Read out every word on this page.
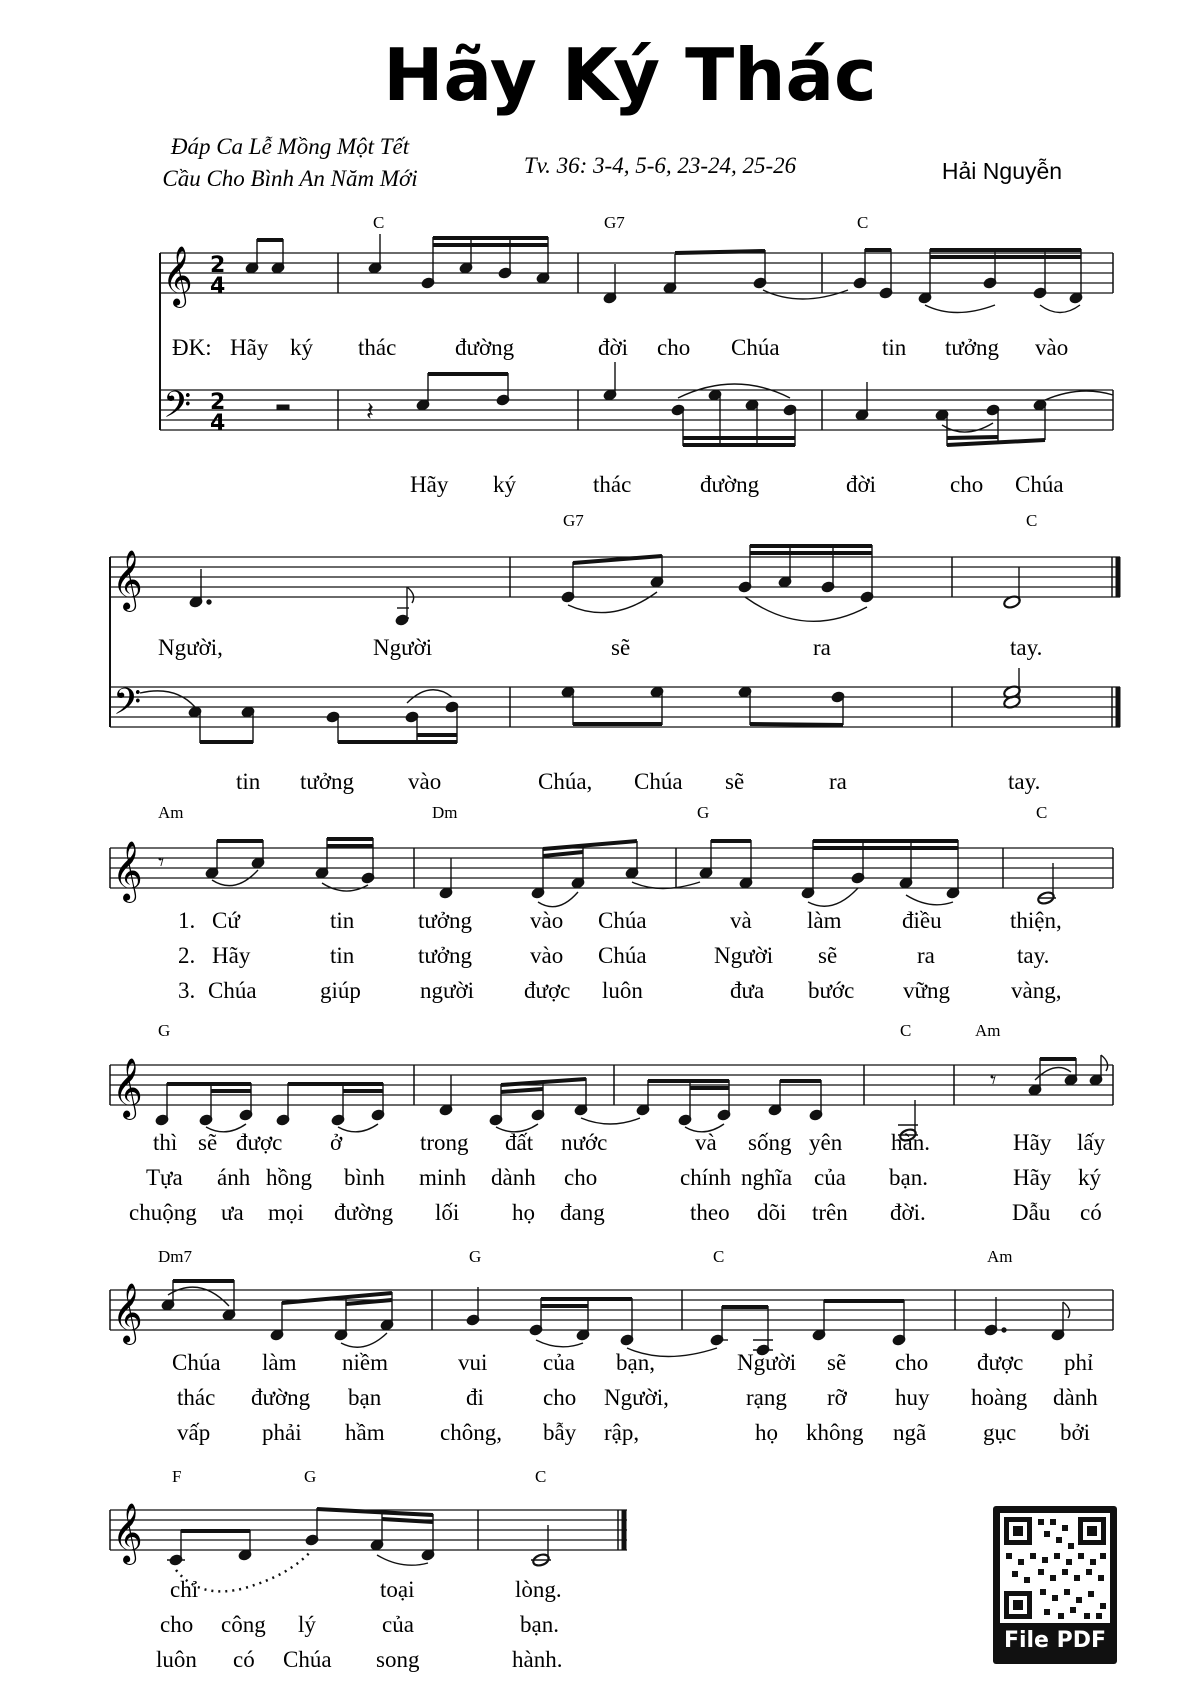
Hãy Ký Thác
Đáp Ca Lễ Mồng Một Tết
Cầu Cho Bình An Năm Mới
Tv. 36: 3-4, 5-6, 23-24, 25-26	Hải Nguyễn
𝄞 2
4
C	G7	C
ĐK: Hãy ký thác	đường	đời cho Chúa	tin tưởng vào
𝄢 2
4	𝄽
Hãy ký	thác	đường	đời	cho Chúa
𝄞
G7	C
Người,	Người	sẽ	ra	tay.
𝄢
tin tưởng vào	Chúa, Chúa sẽ	ra	tay.
𝄞 𝄾
Am	Dm	G	C
1. Cứ	tin	tưởng	vào Chúa	và làm	điều	thiện,
2. Hãy	tin	tưởng	vào Chúa	Người sẽ	ra	tay.
3. Chúa	giúp	người được luôn	đưa bước vững	vàng,
𝄞	𝄾
G	C	Am
thì sẽ được ở	trong đất nước	và sống yên hàn.	Hãy lấy
Tựa ánh hồng bình minh dành cho	chính nghĩa của bạn.	Hãy ký
chuộng ưa mọi đường lối họ đang	theo dõi trên đời.	Dẫu có
𝄞
Dm7	G	C	Am
Chúa làm niềm	vui của bạn,	Người sẽ cho được phỉ
thác đường bạn	đi	cho Người,	rạng rỡ huy hoàng dành
vấp phải hầm chông, bẫy rập,	họ không ngã gục bởi
𝄞
F	G	C
chỉ	toại	lòng.
cho công lý	của	bạn.
luôn có Chúa song	hành.
File PDF
